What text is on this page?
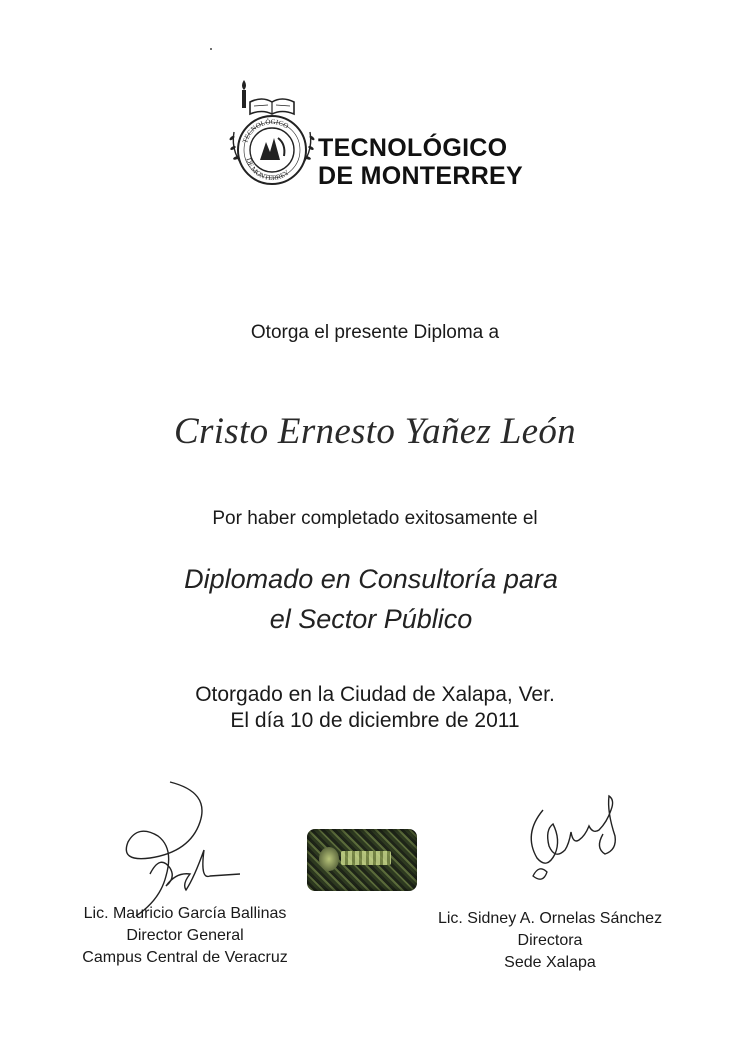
TECNOLÓGICO
DE MONTERREY
TECNOLÓGICO
DE MONTERREY
Otorga el presente Diploma a
Cristo Ernesto Yañez León
Por haber completado exitosamente el
Diplomado en Consultoría para
el Sector Público
Otorgado en la Ciudad de Xalapa, Ver.
El día 10 de diciembre de 2011
Lic. Mauricio García Ballinas
Director General
Campus Central de Veracruz
Lic. Sidney A. Ornelas Sánchez
Directora
Sede Xalapa
